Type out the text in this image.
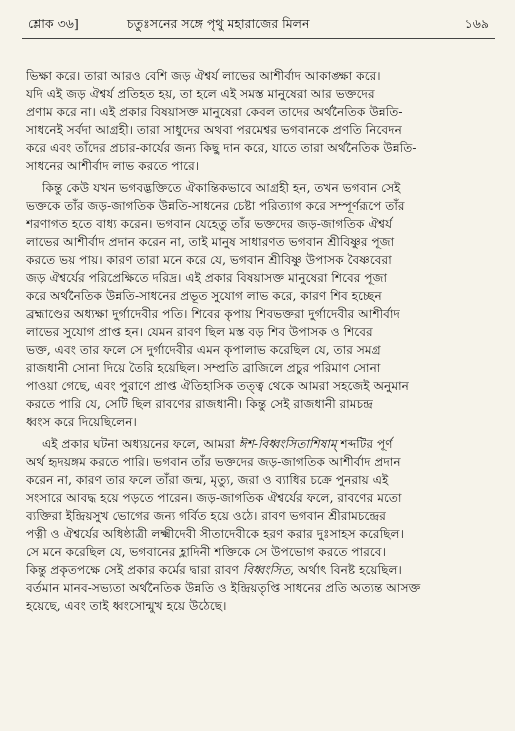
শ্লোক ৩৬]	চতুঃসনের সঙ্গে পৃথু মহারাজের মিলন	১৬৯
ভিক্ষা করে। তারা আরও বেশি জড় ঐশ্বর্য লাভের আশীর্বাদ আকাঙ্ক্ষা করে।
যদি এই জড় ঐশ্বর্য প্রতিহত হয়, তা হলে এই সমস্ত মানুষেরা আর ভক্তদের
প্রণাম করে না। এই প্রকার বিষয়াসক্ত মানুষেরা কেবল তাদের অর্থনৈতিক উন্নতি-
সাধনেই সর্বদা আগ্রহী। তারা সাধুদের অথবা পরমেশ্বর ভগবানকে প্রণতি নিবেদন
করে এবং তাঁদের প্রচার-কার্যের জন্য কিছু দান করে, যাতে তারা অর্থনৈতিক উন্নতি-
সাধনের আশীর্বাদ লাভ করতে পারে।
কিন্তু কেউ যখন ভগবদ্ভক্তিতে ঐকান্তিকভাবে আগ্রহী হন, তখন ভগবান সেই
ভক্তকে তাঁর জড়-জাগতিক উন্নতি-সাধনের চেষ্টা পরিত্যাগ করে সম্পূর্ণরূপে তাঁর
শরণাগত হতে বাধ্য করেন। ভগবান যেহেতু তাঁর ভক্তদের জড়-জাগতিক ঐশ্বর্য
লাভের আশীর্বাদ প্রদান করেন না, তাই মানুষ সাধারণত ভগবান শ্রীবিষ্ণুর পূজা
করতে ভয় পায়। কারণ তারা মনে করে যে, ভগবান শ্রীবিষ্ণু উপাসক বৈষ্ণবেরা
জড় ঐশ্বর্যের পরিপ্রেক্ষিতে দরিদ্র। এই প্রকার বিষয়াসক্ত মানুষেরা শিবের পূজা
করে অর্থনৈতিক উন্নতি-সাধনের প্রভূত সুযোগ লাভ করে, কারণ শিব হচ্ছেন
ব্রহ্মাণ্ডের অধ্যক্ষা দুর্গাদেবীর পতি। শিবের কৃপায় শিবভক্তরা দুর্গাদেবীর আশীর্বাদ
লাভের সুযোগ প্রাপ্ত হন। যেমন রাবণ ছিল মস্ত বড় শিব উপাসক ও শিবের
ভক্ত, এবং তার ফলে সে দুর্গাদেবীর এমন কৃপালাভ করেছিল যে, তার সমগ্র
রাজধানী সোনা দিয়ে তৈরি হয়েছিল। সম্প্রতি ব্রাজিলে প্রচুর পরিমাণ সোনা
পাওয়া গেছে, এবং পুরাণে প্রাপ্ত ঐতিহাসিক তত্ত্ব থেকে আমরা সহজেই অনুমান
করতে পারি যে, সেটি ছিল রাবণের রাজধানী। কিন্তু সেই রাজধানী রামচন্দ্র
ধ্বংস করে দিয়েছিলেন।
এই প্রকার ঘটনা অধ্যয়নের ফলে, আমরা ঈশ-বিধ্বংসিতাশিষাম্ শব্দটির পূর্ণ
অর্থ হৃদয়ঙ্গম করতে পারি। ভগবান তাঁর ভক্তদের জড়-জাগতিক আশীর্বাদ প্রদান
করেন না, কারণ তার ফলে তাঁরা জন্ম, মৃত্যু, জরা ও ব্যাধির চক্রে পুনরায় এই
সংসারে আবদ্ধ হয়ে পড়তে পারেন। জড়-জাগতিক ঐশ্বর্যের ফলে, রাবণের মতো
ব্যক্তিরা ইন্দ্রিয়সুখ ভোগের জন্য গর্বিত হয়ে ওঠে। রাবণ ভগবান শ্রীরামচন্দ্রের
পত্নী ও ঐশ্বর্যের অধিষ্ঠাত্রী লক্ষ্মীদেবী সীতাদেবীকে হরণ করার দুঃসাহস করেছিল।
সে মনে করেছিল যে, ভগবানের হ্লাদিনী শক্তিকে সে উপভোগ করতে পারবে।
কিন্তু প্রকৃতপক্ষে সেই প্রকার কর্মের দ্বারা রাবণ বিধ্বংসিত, অর্থাৎ বিনষ্ট হয়েছিল।
বর্তমান মানব-সভ্যতা অর্থনৈতিক উন্নতি ও ইন্দ্রিয়তৃপ্তি সাধনের প্রতি অত্যন্ত আসক্ত
হয়েছে, এবং তাই ধ্বংসোন্মুখ হয়ে উঠেছে।
